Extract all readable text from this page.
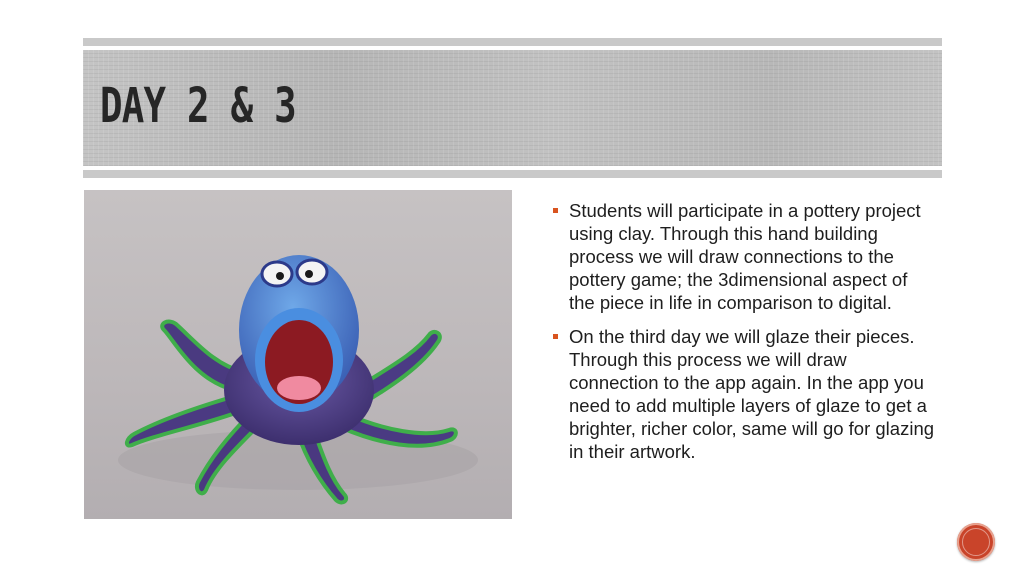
DAY 2 & 3
Students will participate in a pottery project using clay. Through this hand building process we will draw connections to the pottery game; the 3dimensional aspect of the piece in life in comparison to digital.
On the third day we will glaze their pieces. Through this process we will draw connection to the app again. In the app you need to add multiple layers of glaze to get a brighter, richer color, same will go for glazing in their artwork.
